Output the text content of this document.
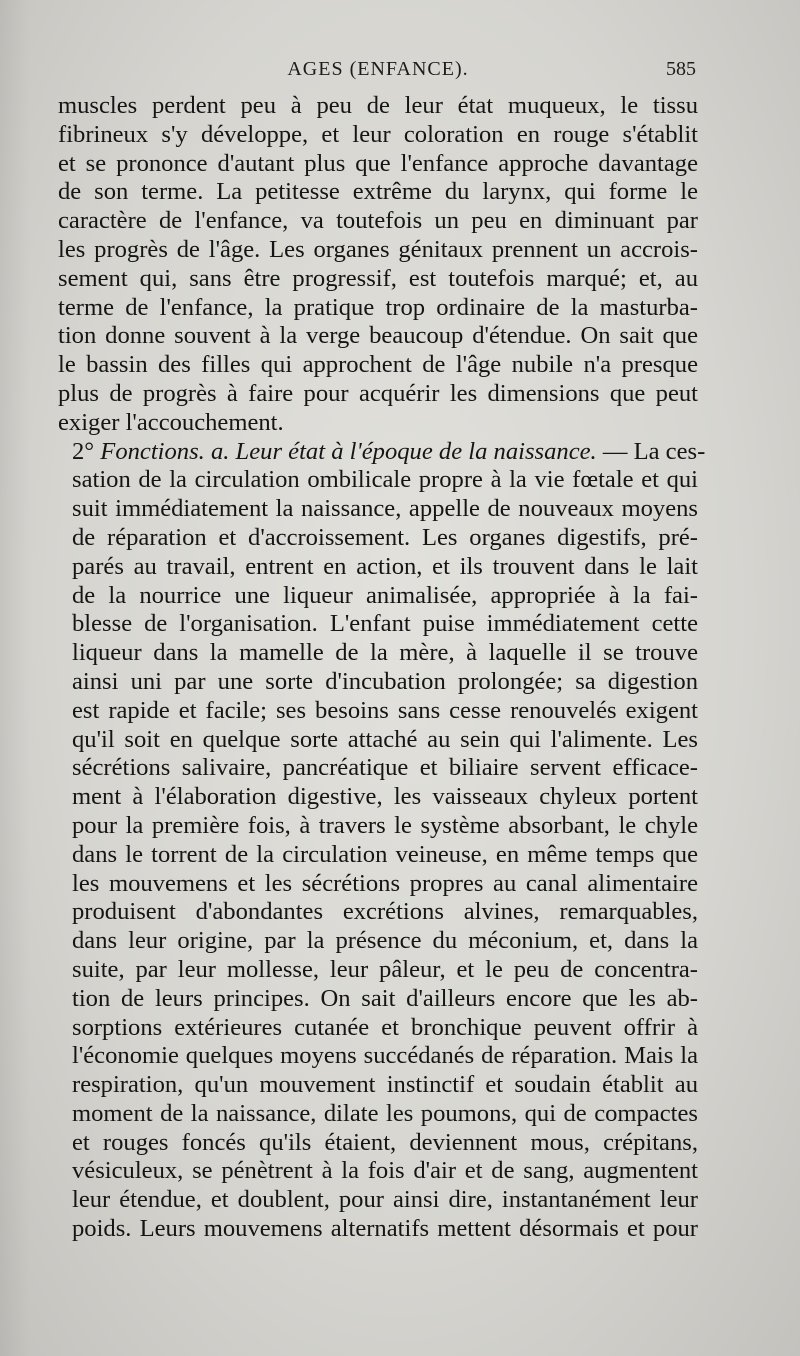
AGES (ENFANCE).	585

muscles perdent peu à peu de leur état muqueux, le tissu
fibrineux s'y développe, et leur coloration en rouge s'établit
et se prononce d'autant plus que l'enfance approche davantage
de son terme. La petitesse extrême du larynx, qui forme le
caractère de l'enfance, va toutefois un peu en diminuant par
les progrès de l'âge. Les organes génitaux prennent un accrois-
sement qui, sans être progressif, est toutefois marqué; et, au
terme de l'enfance, la pratique trop ordinaire de la masturba-
tion donne souvent à la verge beaucoup d'étendue. On sait que
le bassin des filles qui approchent de l'âge nubile n'a presque
plus de progrès à faire pour acquérir les dimensions que peut
exiger l'accouchement.

2° Fonctions. a. Leur état à l'époque de la naissance. — La ces-
sation de la circulation ombilicale propre à la vie fœtale et qui
suit immédiatement la naissance, appelle de nouveaux moyens
de réparation et d'accroissement. Les organes digestifs, pré-
parés au travail, entrent en action, et ils trouvent dans le lait
de la nourrice une liqueur animalisée, appropriée à la fai-
blesse de l'organisation. L'enfant puise immédiatement cette
liqueur dans la mamelle de la mère, à laquelle il se trouve
ainsi uni par une sorte d'incubation prolongée; sa digestion
est rapide et facile; ses besoins sans cesse renouvelés exigent
qu'il soit en quelque sorte attaché au sein qui l'alimente. Les
sécrétions salivaire, pancréatique et biliaire servent efficace-
ment à l'élaboration digestive, les vaisseaux chyleux portent
pour la première fois, à travers le système absorbant, le chyle
dans le torrent de la circulation veineuse, en même temps que
les mouvemens et les sécrétions propres au canal alimentaire
produisent d'abondantes excrétions alvines, remarquables,
dans leur origine, par la présence du méconium, et, dans la
suite, par leur mollesse, leur pâleur, et le peu de concentra-
tion de leurs principes. On sait d'ailleurs encore que les ab-
sorptions extérieures cutanée et bronchique peuvent offrir à
l'économie quelques moyens succédanés de réparation. Mais la
respiration, qu'un mouvement instinctif et soudain établit au
moment de la naissance, dilate les poumons, qui de compactes
et rouges foncés qu'ils étaient, deviennent mous, crépitans,
vésiculeux, se pénètrent à la fois d'air et de sang, augmentent
leur étendue, et doublent, pour ainsi dire, instantanément leur
poids. Leurs mouvemens alternatifs mettent désormais et pour
